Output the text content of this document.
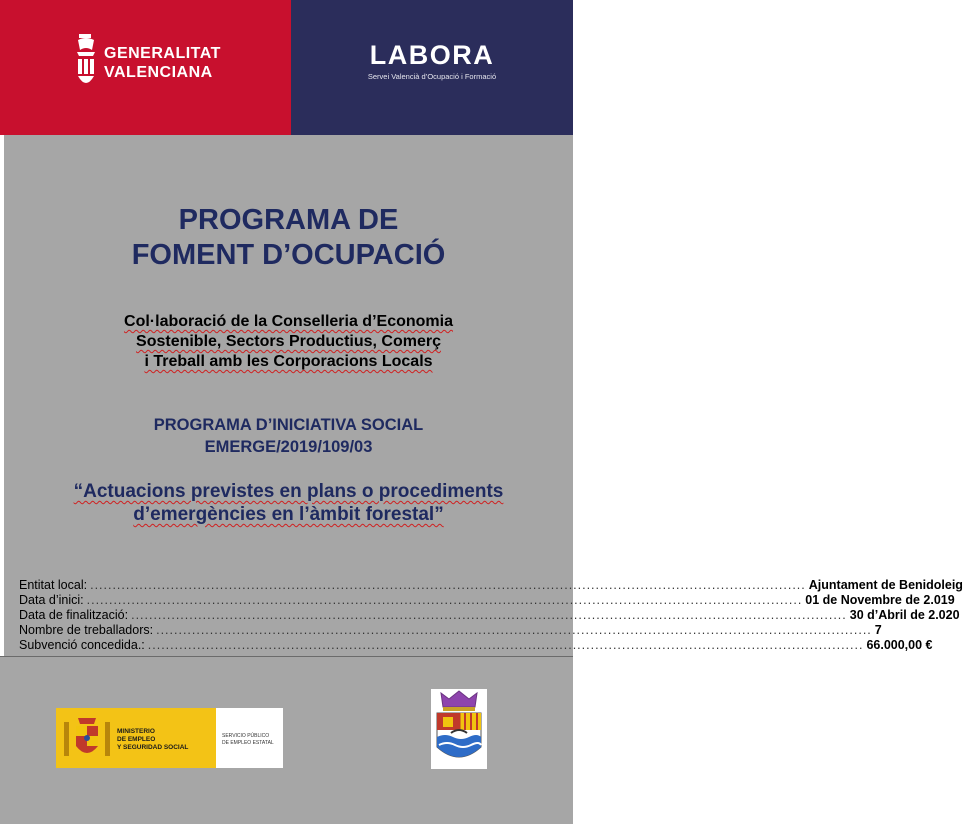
GENERALITAT
VALENCIANA
LABORA
Servei Valencià d’Ocupació i Formació
PROGRAMA DE
FOMENT D’OCUPACIÓ
Col·laboració de la Conselleria d’Economia
Sostenible, Sectors Productius, Comerç
i Treball amb les Corporacions Locals
PROGRAMA D’INICIATIVA SOCIAL
EMERGE/2019/109/03
“Actuacions previstes en plans o procediments
d’emergències en l’àmbit forestal”
Entitat local: ................................................................................................................................................................ Ajuntament de Benidoleig
Data d’inici: ................................................................................................................................................................ 01 de Novembre de 2.019
Data de finalització: ................................................................................................................................................................ 30 d’Abril de 2.020
Nombre de treballadors: ................................................................................................................................................................ 7
Subvenció concedida.: ................................................................................................................................................................ 66.000,00 €
MINISTERIO
DE EMPLEO
Y SEGURIDAD SOCIAL
SERVICIO PÚBLICO
DE EMPLEO ESTATAL
